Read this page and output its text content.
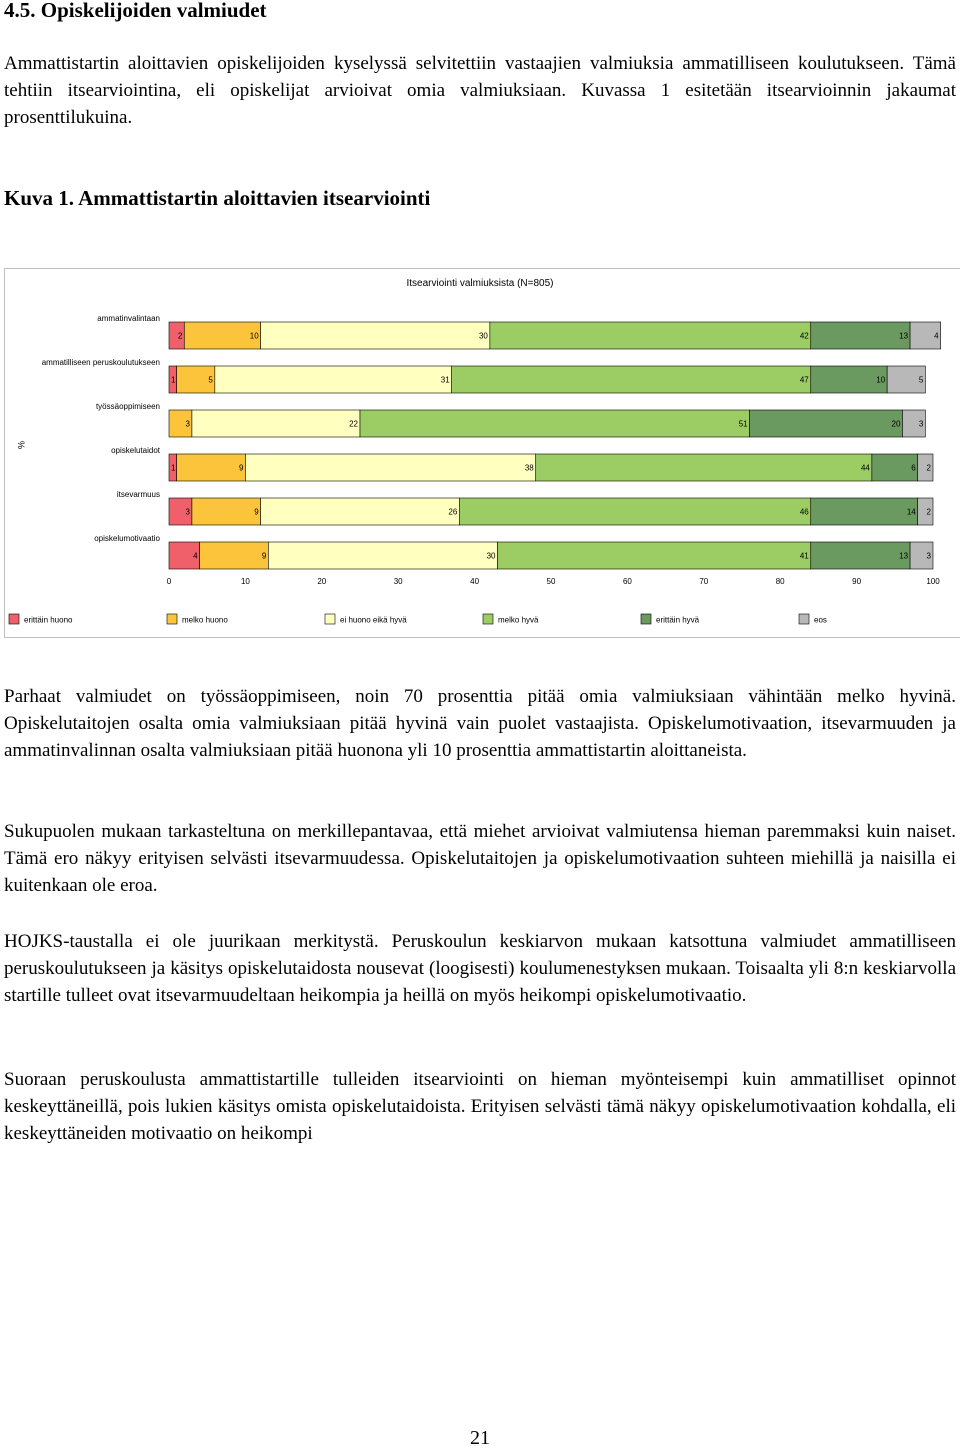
4.5. Opiskelijoiden valmiudet

Ammattistartin aloittavien opiskelijoiden kyselyssä selvitettiin vastaajien valmiuksia ammatilliseen koulutukseen. Tämä tehtiin itsearviointina, eli opiskelijat arvioivat omia valmiuksiaan. Kuvassa 1 esitetään itsearvioinnin jakaumat prosenttilukuina.

Kuva 1. Ammattistartin aloittavien itsearviointi

Itsearviointi valmiuksista (N=805)
%
ammatinvalintaan
2	10	30	42	13	4
ammatilliseen peruskoulutukseen
1	5	31	47	10	5
työssäoppimiseen
3	22	51	20 3
opiskelutaidot
1	9	38	44	6 2
itsevarmuus
3	9	26	46	14 2
opiskelumotivaatio
4	9	30	41	13 3
0	10	20	30	40	50	60	70	80	90	100
erittäin huono	melko huono	ei huono eikä hyvä	melko hyvä	erittäin hyvä	eos

Parhaat valmiudet on työssäoppimiseen, noin 70 prosenttia pitää omia valmiuksiaan vähintään melko hyvinä. Opiskelutaitojen osalta omia valmiuksiaan pitää hyvinä vain puolet vastaajista. Opiskelumotivaation, itsevarmuuden ja ammatinvalinnan osalta valmiuksiaan pitää huonona yli 10 prosenttia ammattistartin aloittaneista.

Sukupuolen mukaan tarkasteltuna on merkillepantavaa, että miehet arvioivat valmiutensa hieman paremmaksi kuin naiset. Tämä ero näkyy erityisen selvästi itsevarmuudessa. Opiskelutaitojen ja opiskelumotivaation suhteen miehillä ja naisilla ei kuitenkaan ole eroa.

HOJKS-taustalla ei ole juurikaan merkitystä. Peruskoulun keskiarvon mukaan katsottuna valmiudet ammatilliseen peruskoulutukseen ja käsitys opiskelutaidosta nousevat (loogisesti) koulumenestyksen mukaan. Toisaalta yli 8:n keskiarvolla startille tulleet ovat itsevarmuudeltaan heikompia ja heillä on myös heikompi opiskelumotivaatio.

Suoraan peruskoulusta ammattistartille tulleiden itsearviointi on hieman myönteisempi kuin ammatilliset opinnot keskeyttäneillä, pois lukien käsitys omista opiskelutaidoista. Erityisen selvästi tämä näkyy opiskelumotivaation kohdalla, eli keskeyttäneiden motivaatio on heikompi

21
